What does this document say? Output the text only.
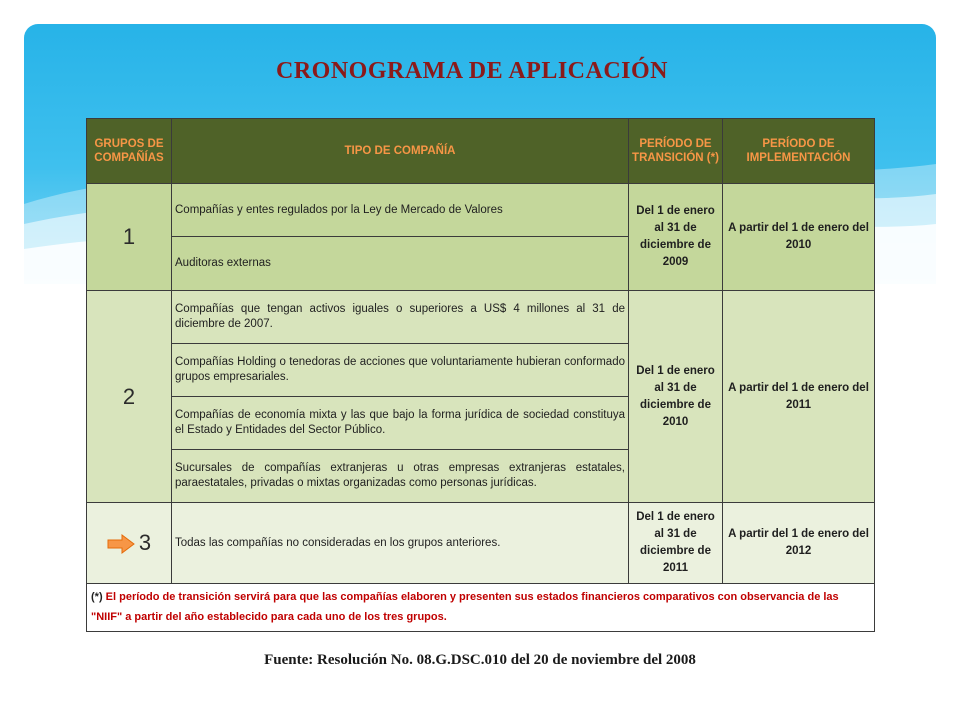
CRONOGRAMA DE APLICACIÓN
GRUPOS DE COMPAÑÍAS	TIPO DE COMPAÑÍA	PERÍODO DE TRANSICIÓN (*)	PERÍODO DE IMPLEMENTACIÓN
1	Compañías y entes regulados por la Ley de Mercado de Valores	Del 1 de enero al 31 de diciembre de 2009	A partir del 1 de enero del 2010
	Auditoras externas		
2	Compañías que tengan activos iguales o superiores a US$ 4 millones al 31 de diciembre de 2007.	Del 1 de enero al 31 de diciembre de 2010	A partir del 1 de enero del 2011
	Compañías Holding o tenedoras de acciones que voluntariamente hubieran conformado grupos empresariales.		
	Compañías de economía mixta y las que bajo la forma jurídica de sociedad constituya el Estado y Entidades del Sector Público.		
	Sucursales de compañías extranjeras u otras empresas extranjeras estatales, paraestatales, privadas o mixtas organizadas como personas jurídicas.		
3	Todas las compañías no consideradas en los grupos anteriores.	Del 1 de enero al 31 de diciembre de 2011	A partir del 1 de enero del 2012
(*) El período de transición servirá para que las compañías elaboren y presenten sus estados financieros comparativos con observancia de las "NIIF" a partir del año establecido para cada uno de los tres grupos.			
Fuente: Resolución No. 08.G.DSC.010 del 20 de noviembre del 2008
